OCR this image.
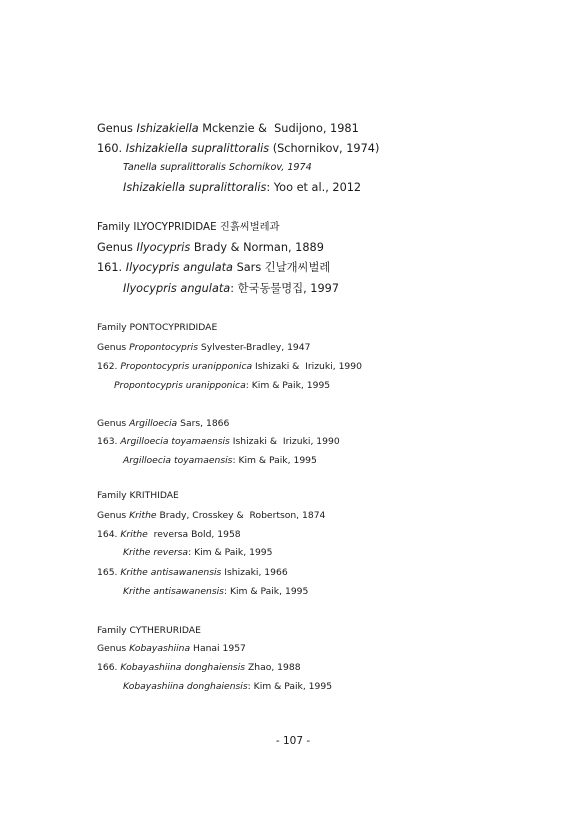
Genus Ishizakiella Mckenzie &  Sudijono, 1981
160. Ishizakiella supralittoralis (Schornikov, 1974)
Tanella supralittoralis Schornikov, 1974
Ishizakiella supralittoralis: Yoo et al., 2012
Family ILYOCYPRIDIDAE 진흙씨벌레과
Genus Ilyocypris Brady & Norman, 1889
161. Ilyocypris angulata Sars 긴날개씨벌레
Ilyocypris angulata: 한국동물명집, 1997
Family PONTOCYPRIDIDAE
Genus Propontocypris Sylvester-Bradley, 1947
162. Propontocypris uranipponica Ishizaki &  Irizuki, 1990
Propontocypris uranipponica: Kim & Paik, 1995
Genus Argilloecia Sars, 1866
163. Argilloecia toyamaensis Ishizaki &  Irizuki, 1990
Argilloecia toyamaensis: Kim & Paik, 1995
Family KRITHIDAE
Genus Krithe Brady, Crosskey &  Robertson, 1874
164. Krithe  reversa Bold, 1958
Krithe reversa: Kim & Paik, 1995
165. Krithe antisawanensis Ishizaki, 1966
Krithe antisawanensis: Kim & Paik, 1995
Family CYTHERURIDAE
Genus Kobayashiina Hanai 1957
166. Kobayashiina donghaiensis Zhao, 1988
Kobayashiina donghaiensis: Kim & Paik, 1995
- 107 -
